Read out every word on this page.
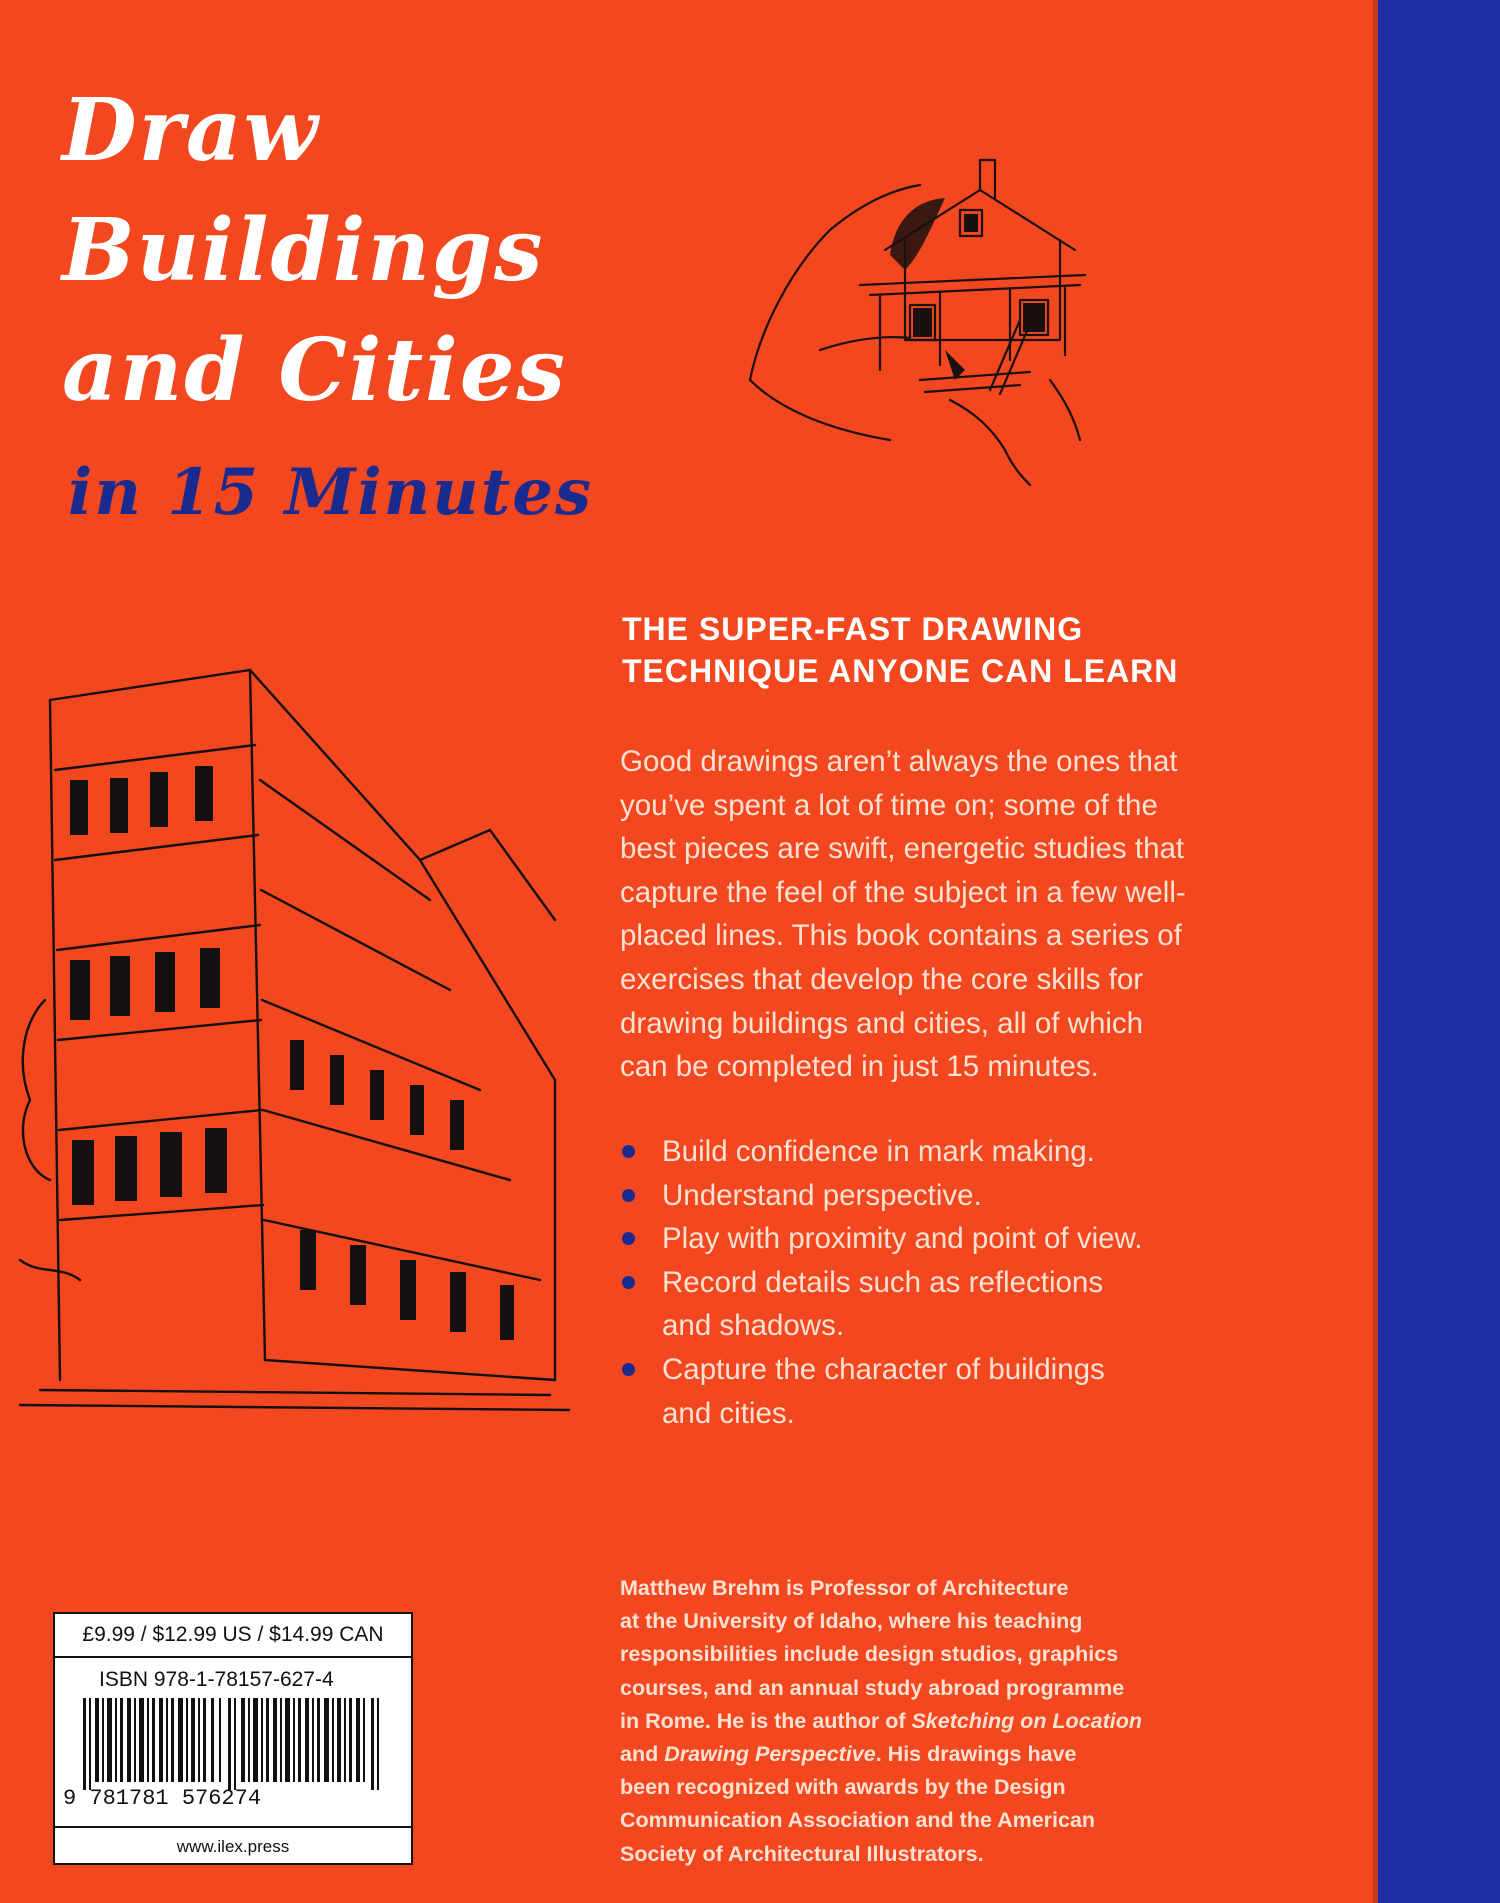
Draw
Buildings
and Cities
in 15 Minutes
THE SUPER-FAST DRAWING
TECHNIQUE ANYONE CAN LEARN
Good drawings aren’t always the ones that
you’ve spent a lot of time on; some of the
best pieces are swift, energetic studies that
capture the feel of the subject in a few well-
placed lines. This book contains a series of
exercises that develop the core skills for
drawing buildings and cities, all of which
can be completed in just 15 minutes.
Build confidence in mark making.
Understand perspective.
Play with proximity and point of view.
Record details such as reflections
and shadows.
Capture the character of buildings
and cities.
Matthew Brehm is Professor of Architecture
at the University of Idaho, where his teaching
responsibilities include design studios, graphics
courses, and an annual study abroad programme
in Rome. He is the author of Sketching on Location
and Drawing Perspective. His drawings have
been recognized with awards by the Design
Communication Association and the American
Society of Architectural Illustrators.
£9.99 / $12.99 US / $14.99 CAN
ISBN 978-1-78157-627-4
9 781781 576274
www.ilex.press
